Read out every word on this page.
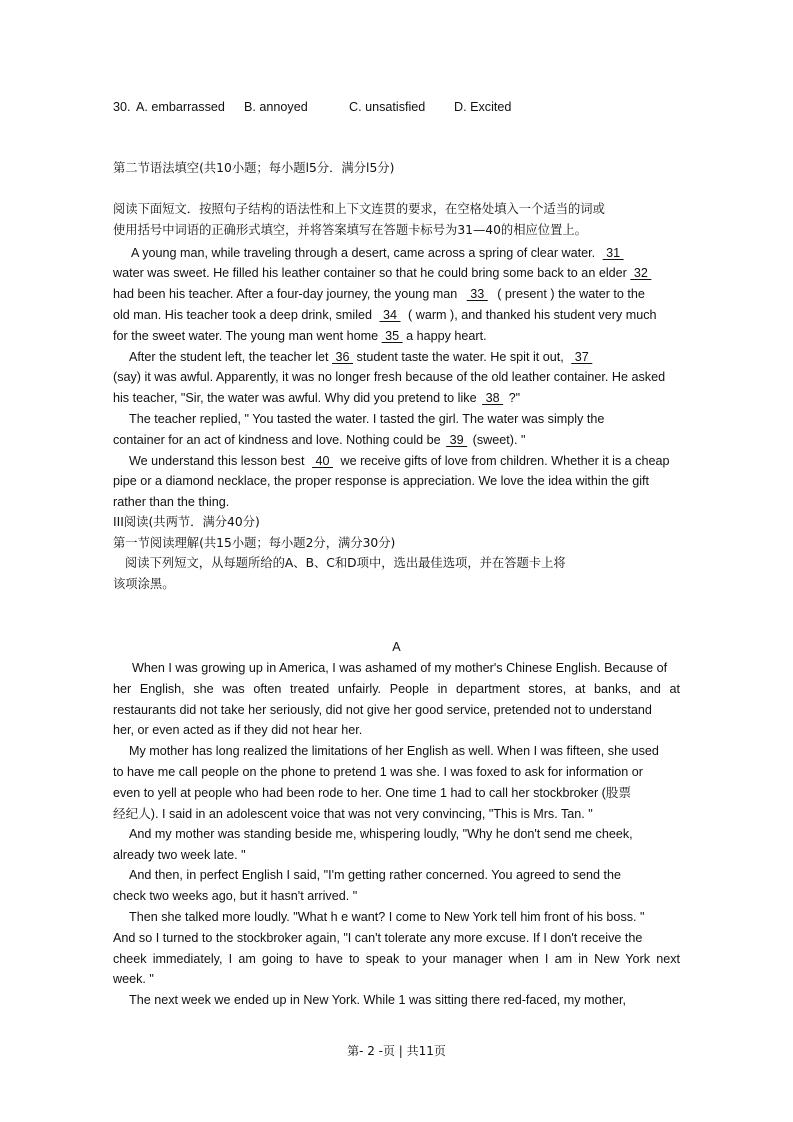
30. A. embarrassed B. annoyed	C. unsatisfied D. Excited
第二节语法填空(共10小题；每小题l5分．满分l5分)
阅读下面短文．按照句子结构的语法性和上下文连贯的要求，在空格处填入一个适当的词或
使用括号中词语的正确形式填空，并将答案填写在答题卡标号为31—40的相应位置上。
A young man, while traveling through a desert, came across a spring of clear water.  31
water was sweet. He filled his leather container so that he could bring some back to an elder  32
had been his teacher. After a four-day journey, the young man  33  ( present ) the water to the
old man. His teacher took a deep drink, smiled  34  ( warm ), and thanked his student very much
for the sweet water. The young man went home  35  a happy heart.
After the student left, the teacher let  36  student taste the water. He spit it out,  37
(say) it was awful. Apparently, it was no longer fresh because of the old leather container. He asked
his teacher, "Sir, the water was awful. Why did you pretend to like  38  ?"
The teacher replied, " You tasted the water. I tasted the girl. The water was simply the
container for an act of kindness and love. Nothing could be  39  (sweet). "
We understand this lesson best  40  we receive gifts of love from children. Whether it is a cheap
pipe or a diamond necklace, the proper response is appreciation. We love the idea within the gift
rather than the thing.
III阅读(共两节．满分40分)
第一节阅读理解(共15小题；每小题2分，满分30分)
阅读下列短文，从每题所给的A、B、C和D项中，选出最佳选项，并在答题卡上将
该项涂黑。
A
When I was growing up in America, I was ashamed of my mother's Chinese English. Because of
her English, she was often treated unfairly. People in department stores, at banks, and at
restaurants did not take her seriously, did not give her good service, pretended not to understand
her, or even acted as if they did not hear her.
My mother has long realized the limitations of her English as well. When I was fifteen, she used
to have me call people on the phone to pretend 1 was she. I was foxed to ask for information or
even to yell at people who had been rode to her. One time 1 had to call her stockbroker (股票
经纪人). I said in an adolescent voice that was not very convincing, "This is Mrs. Tan. "
And my mother was standing beside me, whispering loudly, "Why he don't send me cheek,
already two week late. "
And then, in perfect English I said, "I'm getting rather concerned. You agreed to send the
check two weeks ago, but it hasn't arrived. "
Then she talked more loudly. "What h e want? I come to New York tell him front of his boss. "
And so I turned to the stockbroker again, "I can't tolerate any more excuse. If I don't receive the
cheek immediately, I am going to have to speak to your manager when I am in New York next
week. "
The next week we ended up in New York. While 1 was sitting there red-faced, my mother,
第- 2 -页 | 共11页
